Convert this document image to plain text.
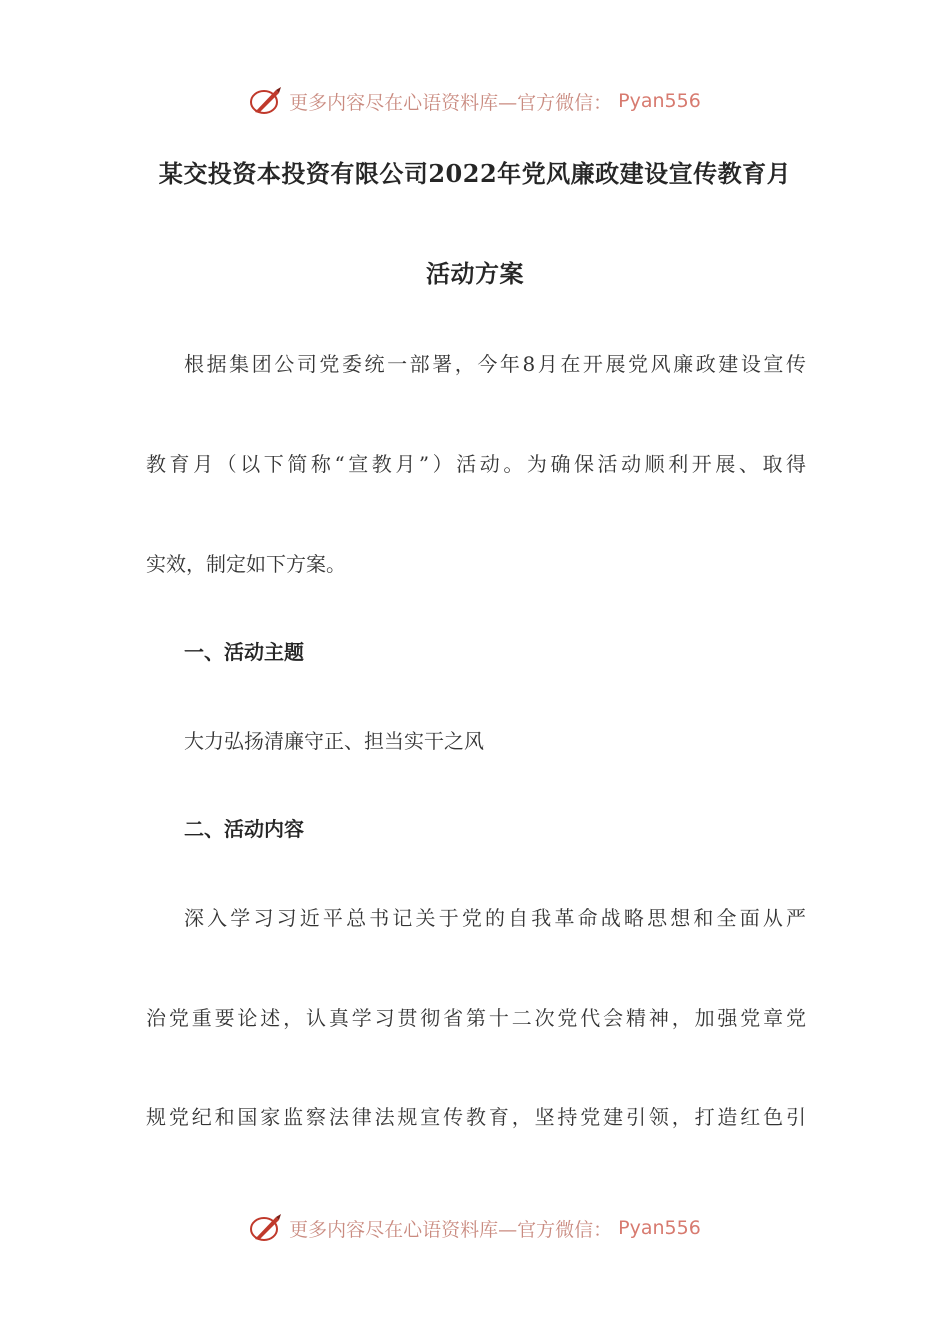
更多内容尽在心语资料库—官方微信： Pyan556
某交投资本投资有限公司2022年党风廉政建设宣传教育月
活动方案
根据集团公司党委统一部署，今年8月在开展党风廉政建设宣传
教育月（以下简称“宣教月”）活动。为确保活动顺利开展、取得
实效，制定如下方案。
一、活动主题
大力弘扬清廉守正、担当实干之风
二、活动内容
深入学习习近平总书记关于党的自我革命战略思想和全面从严
治党重要论述，认真学习贯彻省第十二次党代会精神，加强党章党
规党纪和国家监察法律法规宣传教育，坚持党建引领，打造红色引
更多内容尽在心语资料库—官方微信： Pyan556
